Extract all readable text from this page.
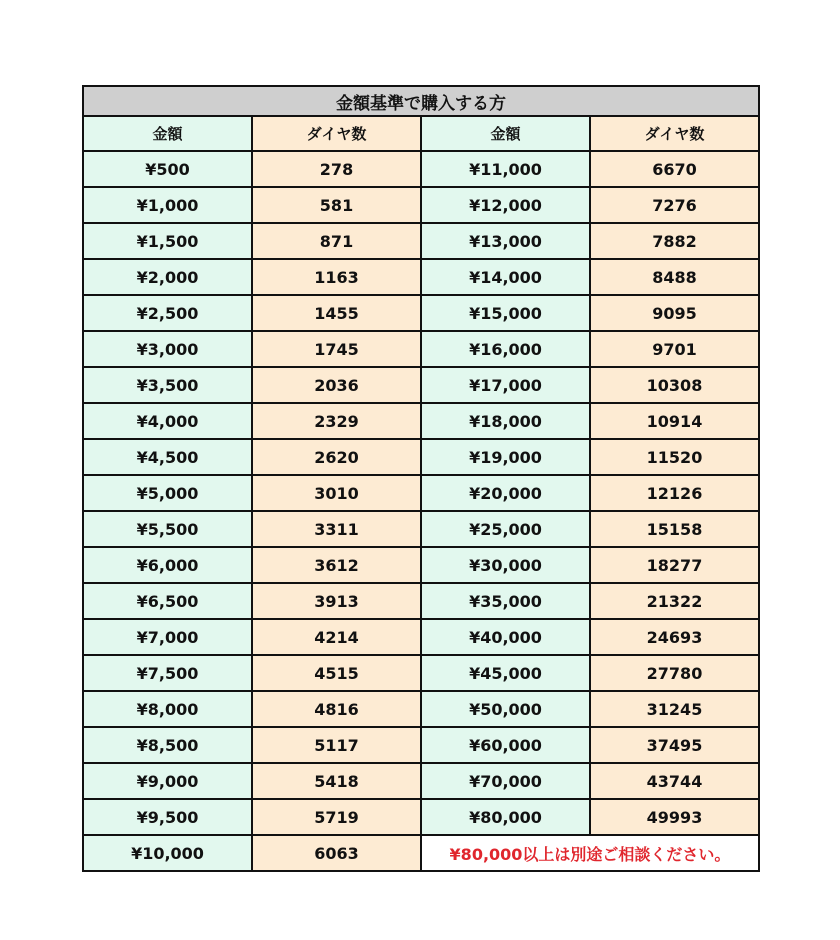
金額基準で購入する方			
金額	ダイヤ数	金額	ダイヤ数
¥500	278	¥11,000	6670
¥1,000	581	¥12,000	7276
¥1,500	871	¥13,000	7882
¥2,000	1163	¥14,000	8488
¥2,500	1455	¥15,000	9095
¥3,000	1745	¥16,000	9701
¥3,500	2036	¥17,000	10308
¥4,000	2329	¥18,000	10914
¥4,500	2620	¥19,000	11520
¥5,000	3010	¥20,000	12126
¥5,500	3311	¥25,000	15158
¥6,000	3612	¥30,000	18277
¥6,500	3913	¥35,000	21322
¥7,000	4214	¥40,000	24693
¥7,500	4515	¥45,000	27780
¥8,000	4816	¥50,000	31245
¥8,500	5117	¥60,000	37495
¥9,000	5418	¥70,000	43744
¥9,500	5719	¥80,000	49993
¥10,000	6063	¥80,000以上は別途ご相談ください。	
